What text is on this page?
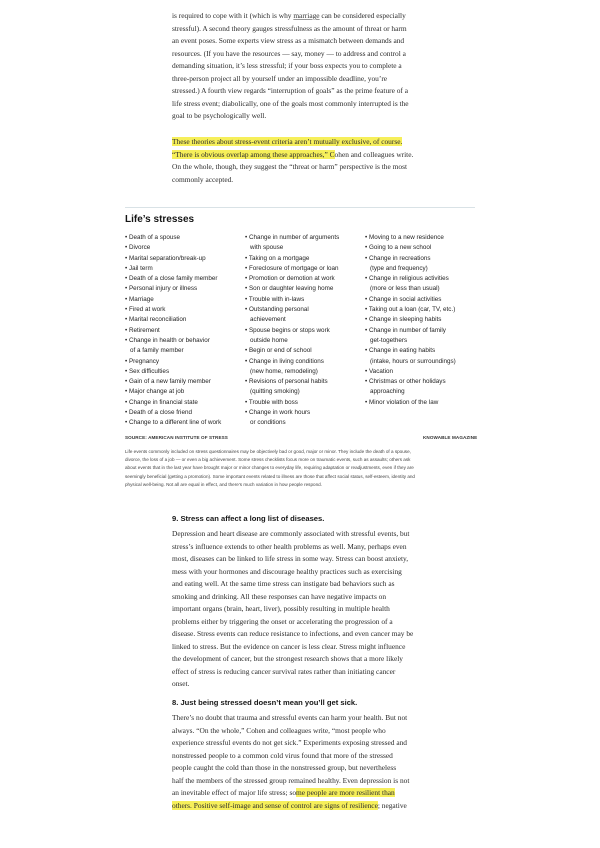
is required to cope with it (which is why marriage can be considered especially
stressful). A second theory gauges stressfulness as the amount of threat or harm
an event poses. Some experts view stress as a mismatch between demands and
resources. (If you have the resources — say, money — to address and control a
demanding situation, it’s less stressful; if your boss expects you to complete a
three-person project all by yourself under an impossible deadline, you’re
stressed.) A fourth view regards “interruption of goals” as the prime feature of a
life stress event; diabolically, one of the goals most commonly interrupted is the
goal to be psychologically well.
These theories about stress-event criteria aren’t mutually exclusive, of course.
“There is obvious overlap among these approaches,” Cohen and colleagues write.
On the whole, though, they suggest the “threat or harm” perspective is the most
commonly accepted.
Life’s stresses
• Death of a spouse
• Divorce
• Marital separation/break-up
• Jail term
• Death of a close family member
• Personal injury or illness
• Marriage
• Fired at work
• Marital reconciliation
• Retirement
• Change in health or behavior
of a family member
• Pregnancy
• Sex difficulties
• Gain of a new family member
• Major change at job
• Change in financial state
• Death of a close friend
• Change to a different line of work
• Change in number of arguments
with spouse
• Taking on a mortgage
• Foreclosure of mortgage or loan
• Promotion or demotion at work
• Son or daughter leaving home
• Trouble with in-laws
• Outstanding personal
achievement
• Spouse begins or stops work
outside home
• Begin or end of school
• Change in living conditions
(new home, remodeling)
• Revisions of personal habits
(quitting smoking)
• Trouble with boss
• Change in work hours
or conditions
• Moving to a new residence
• Going to a new school
• Change in recreations
(type and frequency)
• Change in religious activities
(more or less than usual)
• Change in social activities
• Taking out a loan (car, TV, etc.)
• Change in sleeping habits
• Change in number of family
get-togethers
• Change in eating habits
(intake, hours or surroundings)
• Vacation
• Christmas or other holidays
approaching
• Minor violation of the law
SOURCE: AMERICAN INSTITUTE OF STRESS	KNOWABLE MAGAZINE
Life events commonly included on stress questionnaires may be objectively bad or good, major or minor. They include the death of a spouse,
divorce, the loss of a job — or even a big achievement. Some stress checklists focus more on traumatic events, such as assaults; others ask
about events that in the last year have brought major or minor changes to everyday life, requiring adaptation or readjustments, even if they are
seemingly beneficial (getting a promotion). Some important events related to illness are those that affect social status, self-esteem, identity and
physical well-being. Not all are equal in effect, and there’s much variation in how people respond.
9. Stress can affect a long list of diseases.
Depression and heart disease are commonly associated with stressful events, but
stress’s influence extends to other health problems as well. Many, perhaps even
most, diseases can be linked to life stress in some way. Stress can boost anxiety,
mess with your hormones and discourage healthy practices such as exercising
and eating well. At the same time stress can instigate bad behaviors such as
smoking and drinking. All these responses can have negative impacts on
important organs (brain, heart, liver), possibly resulting in multiple health
problems either by triggering the onset or accelerating the progression of a
disease. Stress events can reduce resistance to infections, and even cancer may be
linked to stress. But the evidence on cancer is less clear. Stress might influence
the development of cancer, but the strongest research shows that a more likely
effect of stress is reducing cancer survival rates rather than initiating cancer
onset.
8. Just being stressed doesn’t mean you’ll get sick.
There’s no doubt that trauma and stressful events can harm your health. But not
always. “On the whole,” Cohen and colleagues write, “most people who
experience stressful events do not get sick.” Experiments exposing stressed and
nonstressed people to a common cold virus found that more of the stressed
people caught the cold than those in the nonstressed group, but nevertheless
half the members of the stressed group remained healthy. Even depression is not
an inevitable effect of major life stress; some people are more resilient than
others. Positive self-image and sense of control are signs of resilience; negative
